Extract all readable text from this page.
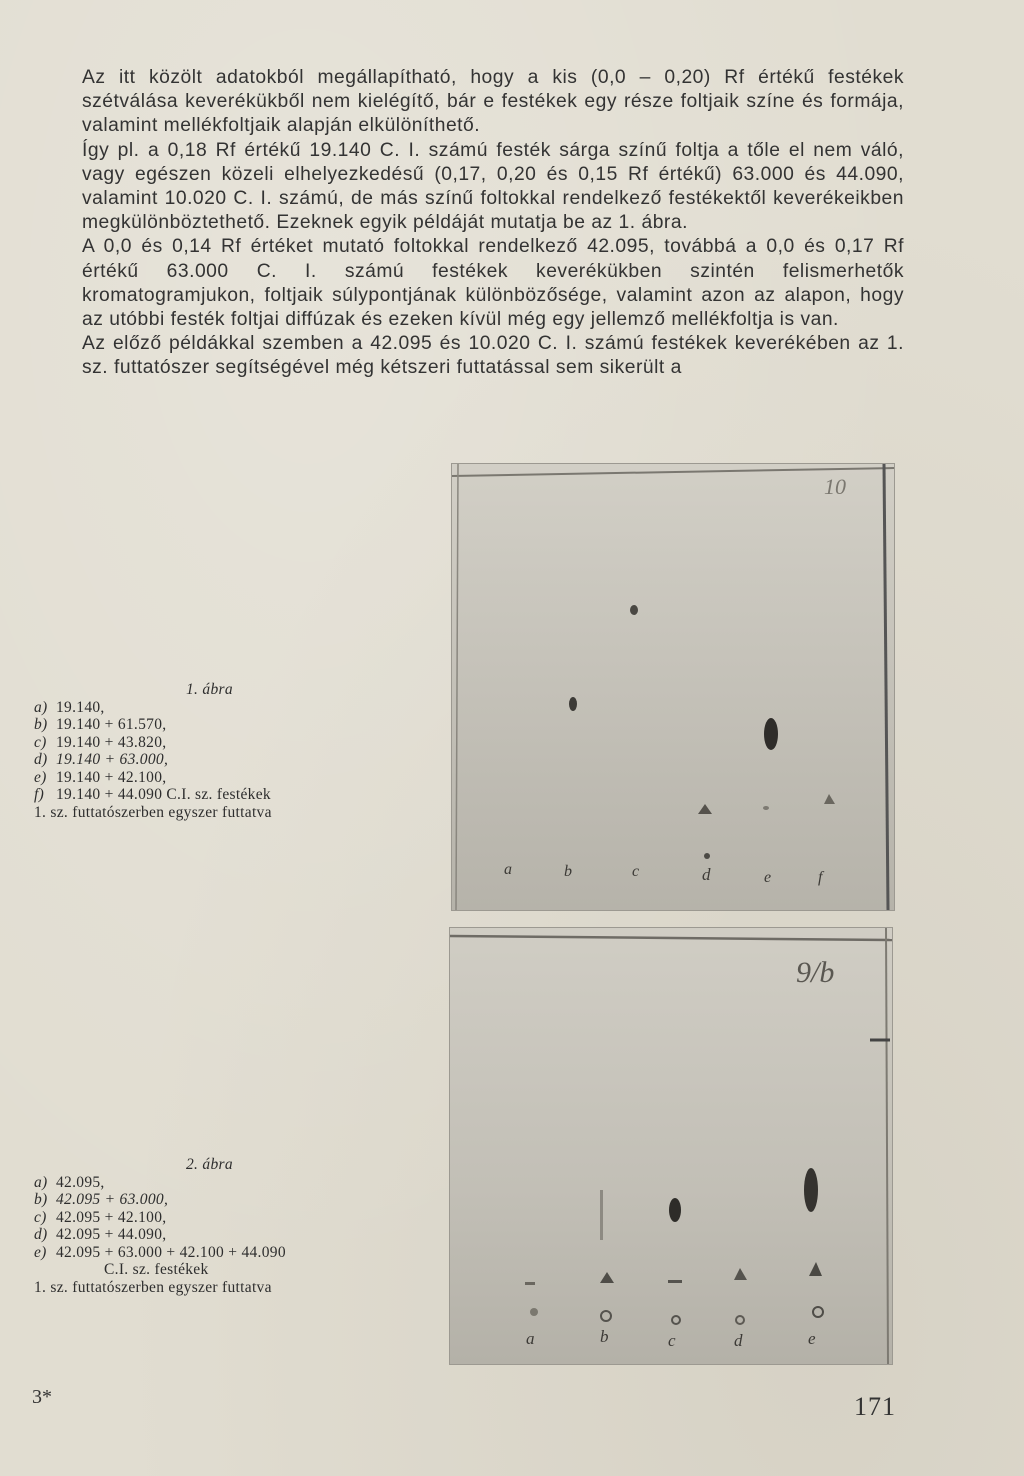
Az itt közölt adatokból megállapítható, hogy a kis (0,0 – 0,20) Rf értékű festékek szétválása keverékükből nem kielégítő, bár e festékek egy része foltjaik színe és formája, valamint mellékfoltjaik alapján elkülöníthető.

Így pl. a 0,18 Rf értékű 19.140 C. I. számú festék sárga színű foltja a tőle el nem váló, vagy egészen közeli elhelyezkedésű (0,17, 0,20 és 0,15 Rf értékű) 63.000 és 44.090, valamint 10.020 C. I. számú, de más színű foltokkal rendelkező festékektől keverékeikben megkülönböztethető. Ezeknek egyik példáját mutatja be az 1. ábra.

A 0,0 és 0,14 Rf értéket mutató foltokkal rendelkező 42.095, továbbá a 0,0 és 0,17 Rf értékű 63.000 C. I. számú festékek keverékükben szintén felismerhetők kromatogramjukon, foltjaik súlypontjának különbözősége, valamint azon az alapon, hogy az utóbbi festék foltjai diffúzak és ezeken kívül még egy jellemző mellékfoltja is van.

Az előző példákkal szemben a 42.095 és 10.020 C. I. számú festékek keverékében az 1. sz. futtatószer segítségével még kétszeri futtatással sem sikerült a

10
a	b	c	d	e	f
1. ábra
a) 19.140,
b) 19.140 + 61.570,
c) 19.140 + 43.820,
d) 19.140 + 63.000,
e) 19.140 + 42.100,
f) 19.140 + 44.090 C.I. sz. festékek
1. sz. futtatószerben egyszer futtatva
9/b
a	b	c	d	e
2. ábra
a) 42.095,
b) 42.095 + 63.000,
c) 42.095 + 42.100,
d) 42.095 + 44.090,
e) 42.095 + 63.000 + 42.100 + 44.090
C.I. sz. festékek
1. sz. futtatószerben egyszer futtatva
3*	171
